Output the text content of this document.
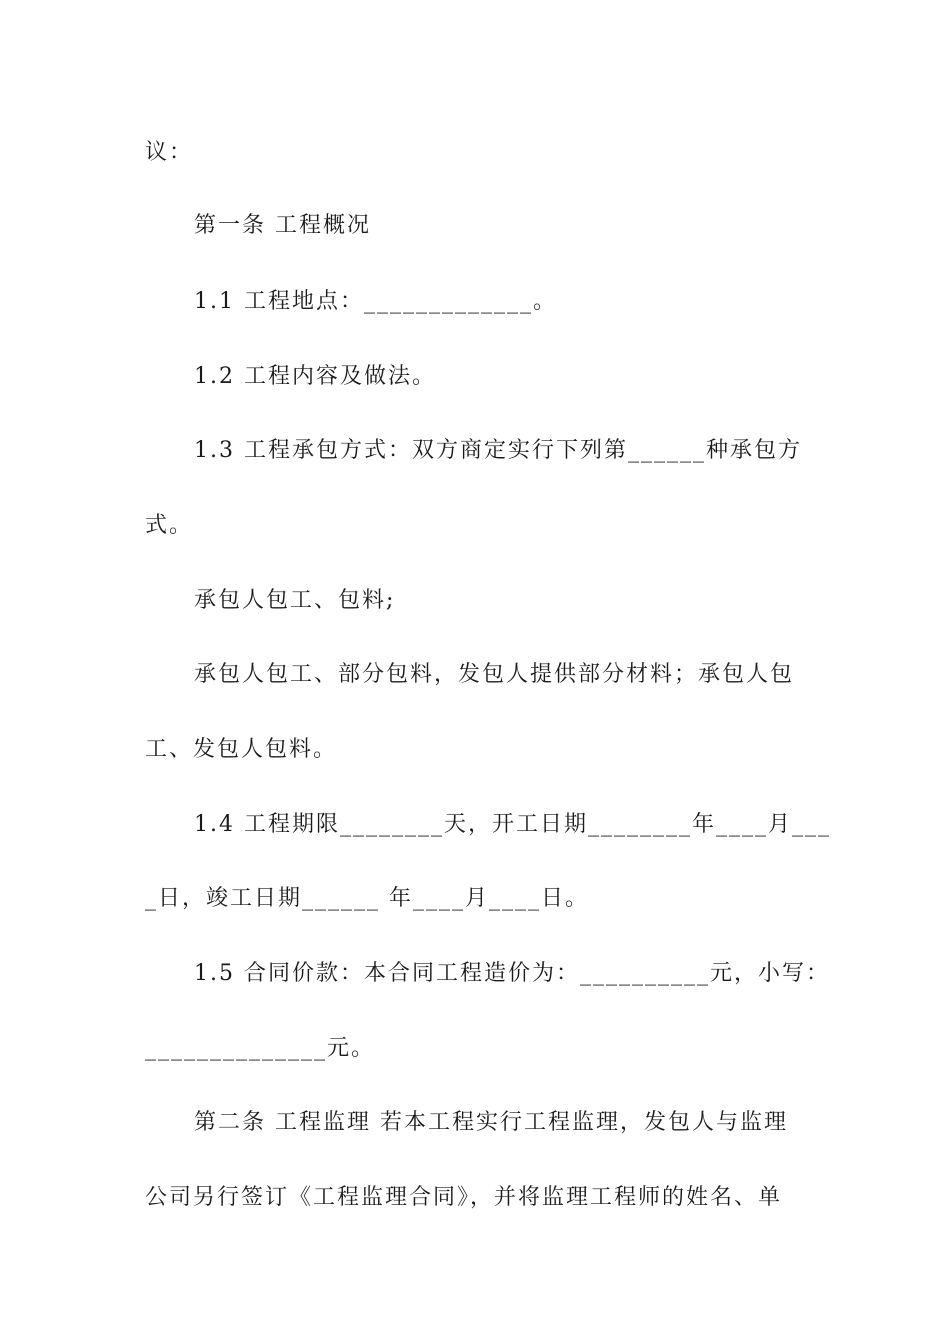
议：
第一条 工程概况
1.1 工程地点：_____________。
1.2 工程内容及做法。
1.3 工程承包方式：双方商定实行下列第______种承包方
式。
承包人包工、包料;
承包人包工、部分包料，发包人提供部分材料；承包人包
工、发包人包料。
1.4 工程期限________天，开工日期________年____月___
_日，竣工日期______ 年____月____日。
1.5 合同价款：本合同工程造价为：__________元，小写：
______________元。
第二条 工程监理 若本工程实行工程监理，发包人与监理
公司另行签订《工程监理合同》，并将监理工程师的姓名、单
